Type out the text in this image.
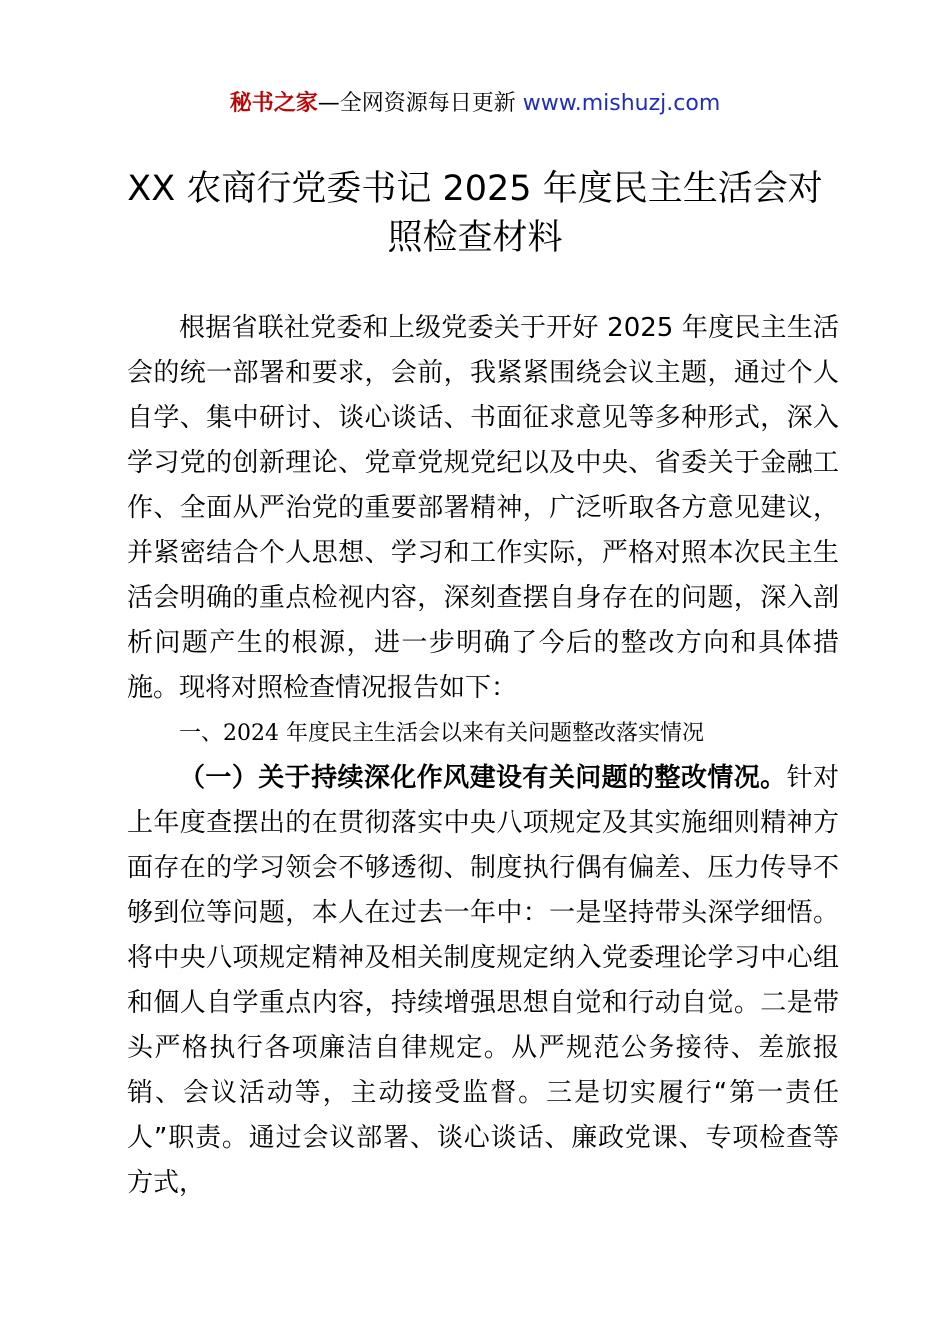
秘书之家—全网资源每日更新 www.mishuzj.com
XX 农商行党委书记 2025 年度民主生活会对
照检查材料

根据省联社党委和上级党委关于开好 2025 年度民主生活会的统一部署和要求，会前，我紧紧围绕会议主题，通过个人自学、集中研讨、谈心谈话、书面征求意见等多种形式，深入学习党的创新理论、党章党规党纪以及中央、省委关于金融工作、全面从严治党的重要部署精神，广泛听取各方意见建议，并紧密结合个人思想、学习和工作实际，严格对照本次民主生活会明确的重点检视内容，深刻查摆自身存在的问题，深入剖析问题产生的根源，进一步明确了今后的整改方向和具体措施。现将对照检查情况报告如下：

一、2024 年度民主生活会以来有关问题整改落实情况

（一）关于持续深化作风建设有关问题的整改情况。针对上年度查摆出的在贯彻落实中央八项规定及其实施细则精神方面存在的学习领会不够透彻、制度执行偶有偏差、压力传导不够到位等问题，本人在过去一年中：一是坚持带头深学细悟。将中央八项规定精神及相关制度规定纳入党委理论学习中心组和個人自学重点内容，持续增强思想自觉和行动自觉。二是带头严格执行各项廉洁自律规定。从严规范公务接待、差旅报销、会议活动等，主动接受监督。三是切实履行“第一责任人”职责。通过会议部署、谈心谈话、廉政党课、专项检查等方式，
